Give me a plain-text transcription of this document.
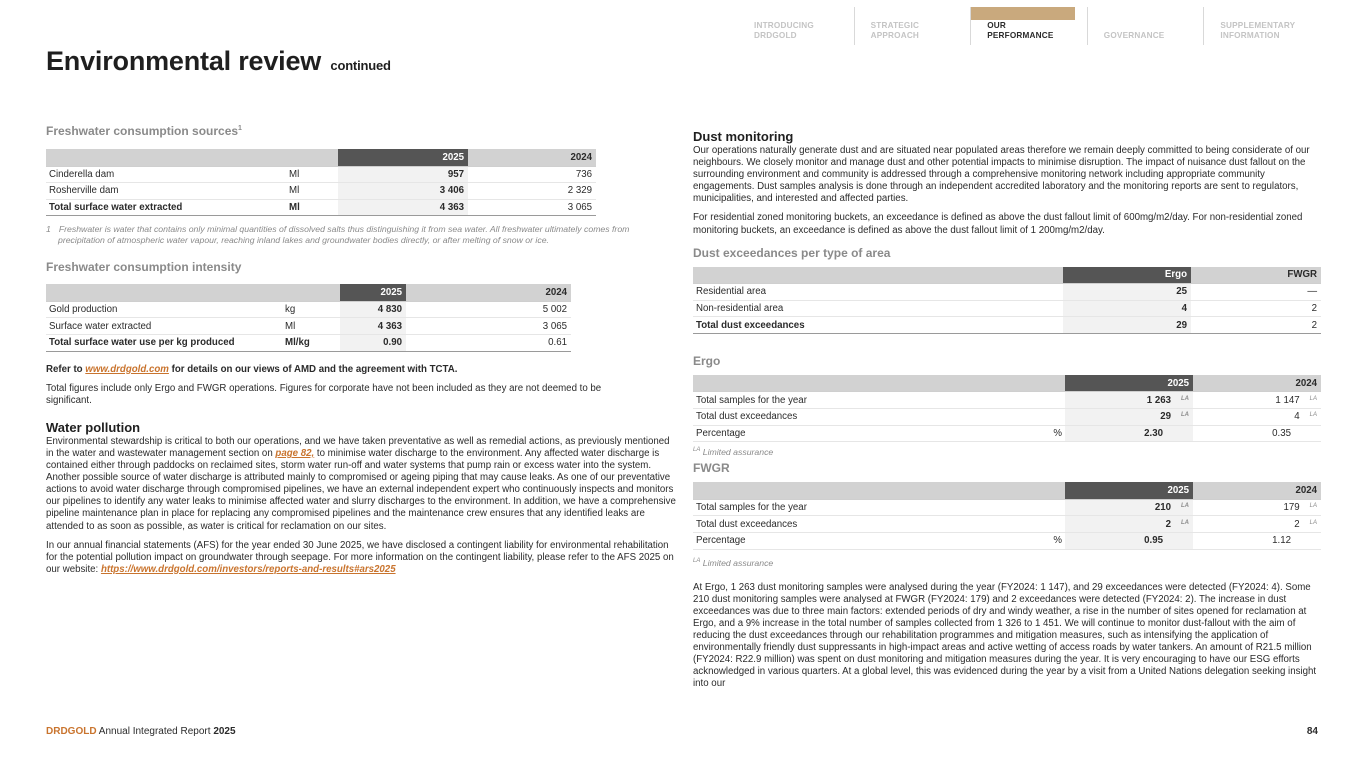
INTRODUCING
DRDGOLD
STRATEGIC
APPROACH
OUR
PERFORMANCE	GOVERNANCE
SUPPLEMENTARY
INFORMATION
Environmental review continued
Freshwater consumption sources$^1$
		2025	2024
Cinderella dam	Ml	957	736
Rosherville dam	Ml	3 406	2 329
Total surface water extracted	Ml	4 363	3 065
1 Freshwater is water that contains only minimal quantities of dissolved salts thus distinguishing it from sea water. All freshwater ultimately comes from precipitation of atmospheric water vapour, reaching inland lakes and groundwater bodies directly, or after melting of snow or ice.
Freshwater consumption intensity
		2025	2024
Gold production	kg	4 830	5 002
Surface water extracted	Ml	4 363	3 065
Total surface water use per kg produced	Ml/kg	0.90	0.61
Refer to www.drdgold.com for details on our views of AMD and the agreement with TCTA.
Total figures include only Ergo and FWGR operations. Figures for corporate have not been included as they are not deemed to be significant.
Water pollution
Environmental stewardship is critical to both our operations, and we have taken preventative as well as remedial actions, as previously mentioned in the water and wastewater management section on page 82, to minimise water discharge to the environment. Any affected water discharge is contained either through paddocks on reclaimed sites, storm water run-off and water systems that pump rain or excess water into the system. Another possible source of water discharge is attributed mainly to compromised or ageing piping that may cause leaks. As one of our preventative actions to avoid water discharge through compromised pipelines, we have an external independent expert who continuously inspects and monitors our pipelines to identify any water leaks to minimise affected water and slurry discharges to the environment. In addition, we have a comprehensive pipeline maintenance plan in place for replacing any compromised pipelines and the maintenance crew ensures that any identified leaks are attended to as soon as possible, as water is critical for reclamation on our sites.
In our annual financial statements (AFS) for the year ended 30 June 2025, we have disclosed a contingent liability for environmental rehabilitation for the potential pollution impact on groundwater through seepage. For more information on the contingent liability, please refer to the AFS 2025 on our website: https://www.drdgold.com/investors/reports-and-results#ars2025
Dust monitoring
Our operations naturally generate dust and are situated near populated areas therefore we remain deeply committed to being considerate of our neighbours. We closely monitor and manage dust and other potential impacts to minimise disruption. The impact of nuisance dust fallout on the surrounding environment and community is addressed through a comprehensive monitoring network including appropriate community engagements. Dust samples analysis is done through an independent accredited laboratory and the monitoring reports are sent to regulators, municipalities, and interested and affected parties.
For residential zoned monitoring buckets, an exceedance is defined as above the dust fallout limit of 600mg/m2/day. For non-residential zoned monitoring buckets, an exceedance is defined as above the dust fallout limit of 1 200mg/m2/day.
Dust exceedances per type of area
	Ergo	FWGR
Residential area	25	—
Non-residential area	4	2
Total dust exceedances	29	2
Ergo
		2025	2024
Total samples for the year		1 263 $^{LA}$	1 147 $^{LA}$
Total dust exceedances		29 $^{LA}$	4 $^{LA}$
Percentage	%	2.30	0.35
$^{LA}$ Limited assurance
FWGR
		2025	2024
Total samples for the year		210 $^{LA}$	179 $^{LA}$
Total dust exceedances		2 $^{LA}$	2 $^{LA}$
Percentage	%	0.95	1.12
$^{LA}$ Limited assurance
At Ergo, 1 263 dust monitoring samples were analysed during the year (FY2024: 1 147), and 29 exceedances were detected (FY2024: 4). Some 210 dust monitoring samples were analysed at FWGR (FY2024: 179) and 2 exceedances were detected (FY2024: 2). The increase in dust exceedances was due to three main factors: extended periods of dry and windy weather, a rise in the number of sites opened for reclamation at Ergo, and a 9% increase in the total number of samples collected from 1 326 to 1 451. We will continue to monitor dust-fallout with the aim of reducing the dust exceedances through our rehabilitation programmes and mitigation measures, such as intensifying the application of environmentally friendly dust suppressants in high-impact areas and active wetting of access roads by water tankers. An amount of R21.5 million (FY2024: R22.9 million) was spent on dust monitoring and mitigation measures during the year. It is very encouraging to have our ESG efforts acknowledged in various quarters. At a global level, this was evidenced during the year by a visit from a United Nations delegation seeking insight into our
DRDGOLD Annual Integrated Report 2025	84
